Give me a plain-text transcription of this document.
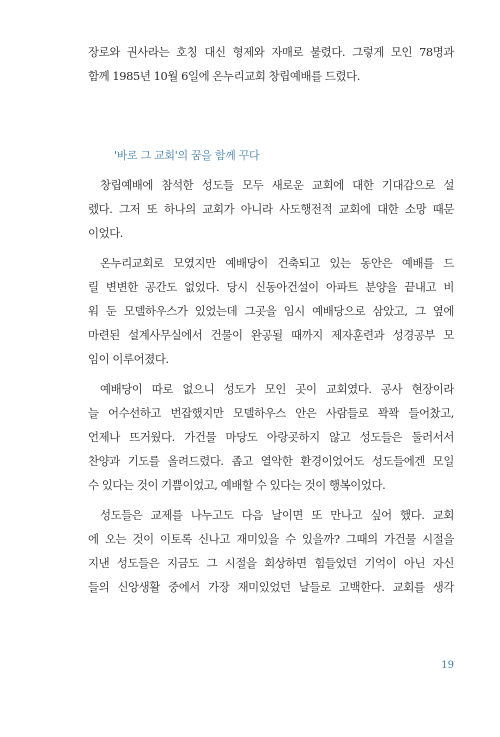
장로와 권사라는 호칭 대신 형제와 자매로 불렸다. 그렇게 모인 78명과
함께 1985년 10월 6일에 온누리교회 창립예배를 드렸다.
'바로 그 교회'의 꿈을 함께 꾸다
창립예배에 참석한 성도들 모두 새로운 교회에 대한 기대감으로 설
렜다. 그저 또 하나의 교회가 아니라 사도행전적 교회에 대한 소망 때문
이었다.
온누리교회로 모였지만 예배당이 건축되고 있는 동안은 예배를 드
릴 변변한 공간도 없었다. 당시 신동아건설이 아파트 분양을 끝내고 비
워 둔 모델하우스가 있었는데 그곳을 임시 예배당으로 삼았고, 그 옆에
마련된 설계사무실에서 건물이 완공될 때까지 제자훈련과 성경공부 모
임이 이루어졌다.
예배당이 따로 없으니 성도가 모인 곳이 교회였다. 공사 현장이라
늘 어수선하고 번잡했지만 모델하우스 안은 사람들로 꽉꽉 들어찼고,
언제나 뜨거웠다. 가건물 마당도 아랑곳하지 않고 성도들은 둘러서서
찬양과 기도를 올려드렸다. 좁고 열악한 환경이었어도 성도들에겐 모일
수 있다는 것이 기쁨이었고, 예배할 수 있다는 것이 행복이었다.
성도들은 교제를 나누고도 다음 날이면 또 만나고 싶어 했다. 교회
에 오는 것이 이토록 신나고 재미있을 수 있을까? 그때의 가건물 시절을
지낸 성도들은 지금도 그 시절을 회상하면 힘들었던 기억이 아닌 자신
들의 신앙생활 중에서 가장 재미있었던 날들로 고백한다. 교회를 생각
19
